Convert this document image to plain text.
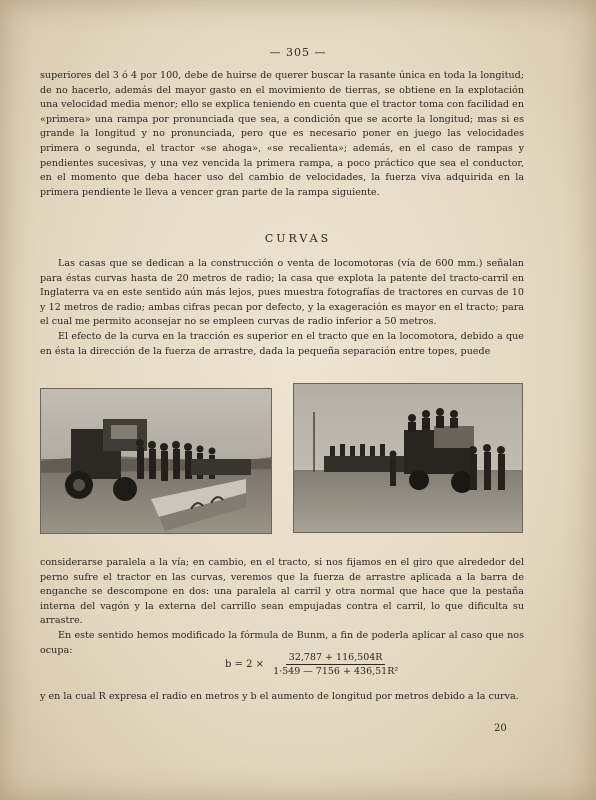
— 305 —

superiores del 3 ó 4 por 100, debe de huirse de querer buscar la rasante única en toda la longitud; de no hacerlo, además del mayor gasto en el movimiento de tierras, se obtiene en la explotación una velocidad media menor; ello se explica teniendo en cuenta que el tractor toma con facilidad en «primera» una rampa por pronunciada que sea, a condición que se acorte la longitud; mas si es grande la longitud y no pronunciada, pero que es necesario poner en juego las velocidades primera o segunda, el tractor «se ahoga», «se recalienta»; además, en el caso de rampas y pendientes sucesivas, y una vez vencida la primera rampa, a poco práctico que sea el conductor, en el momento que deba hacer uso del cambio de velocidades, la fuerza viva adquirida en la primera pendiente le lleva a vencer gran parte de la rampa siguiente.

CURVAS

Las casas que se dedican a la construcción o venta de locomotoras (vía de 600 mm.) señalan para éstas curvas hasta de 20 metros de radio; la casa que explota la patente del tracto-carril en Inglaterra va en este sentido aún más lejos, pues muestra fotografías de tractores en curvas de 10 y 12 metros de radio; ambas cifras pecan por defecto, y la exageración es mayor en el tracto; para el cual me permito aconsejar no se empleen curvas de radio inferior a 50 metros.

El efecto de la curva en la tracción es superior en el tracto que en la locomotora, debido a que en ésta la dirección de la fuerza de arrastre, dada la pequeña separación entre topes, puede

considerarse paralela a la vía; en cambio, en el tracto, si nos fijamos en el giro que alrededor del perno sufre el tractor en las curvas, veremos que la fuerza de arrastre aplicada a la barra de enganche se descompone en dos: una paralela al carril y otra normal que hace que la pestaña interna del vagón y la externa del carrillo sean empujadas contra el carril, lo que dificulta su arrastre.

En este sentido hemos modificado la fórmula de Bunm, a fin de poderla aplicar al caso que nos ocupa:

$b = 2 \times \frac{32,787 + 116,504R}{\text{1·549 — 7156 + 436,51R²}}$

y en la cual R expresa el radio en metros y b el aumento de longitud por metros debido a la curva.

20
